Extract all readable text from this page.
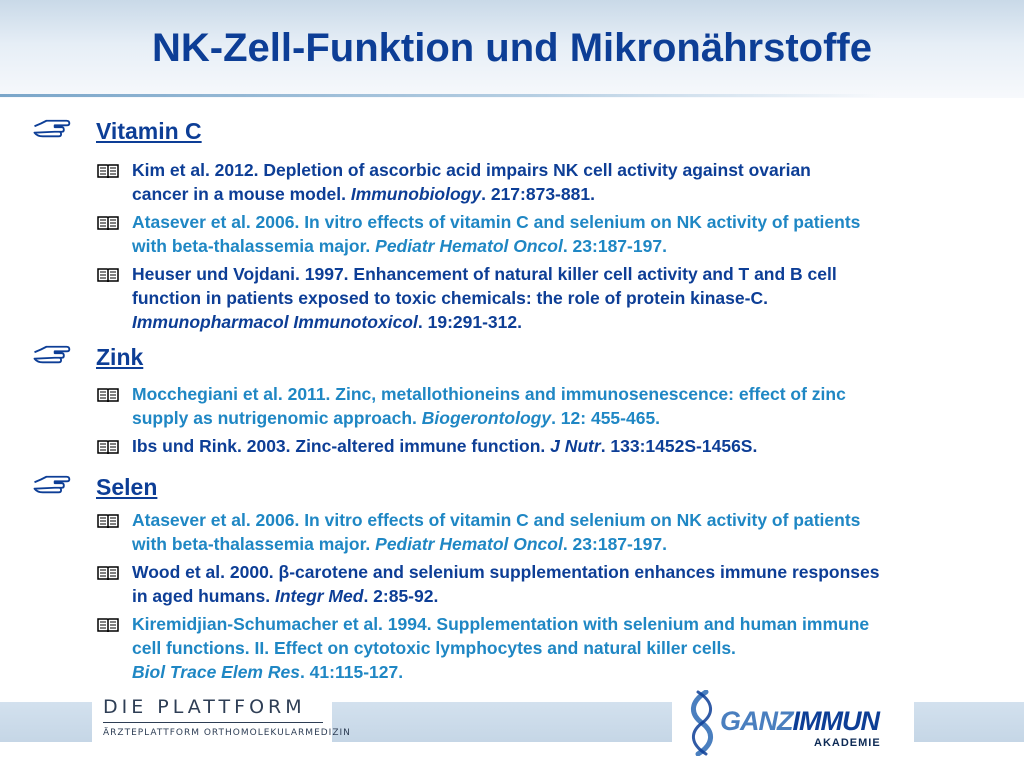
NK-Zell-Funktion und Mikronährstoffe
Vitamin C
Kim et al. 2012. Depletion of ascorbic acid impairs NK cell activity against ovarian
cancer in a mouse model. Immunobiology. 217:873-881.
Atasever et al. 2006. In vitro effects of vitamin C and selenium on NK activity of patients
with beta-thalassemia major. Pediatr Hematol Oncol. 23:187-197.
Heuser und Vojdani. 1997. Enhancement of natural killer cell activity and T and B cell
function in patients exposed to toxic chemicals: the role of protein kinase-C.
Immunopharmacol Immunotoxicol. 19:291-312.
Zink
Mocchegiani et al. 2011. Zinc, metallothioneins and immunosenescence: effect of zinc
supply as nutrigenomic approach. Biogerontology. 12: 455-465.
Ibs und Rink. 2003. Zinc-altered immune function. J Nutr. 133:1452S-1456S.
Selen
Atasever et al. 2006. In vitro effects of vitamin C and selenium on NK activity of patients
with beta-thalassemia major. Pediatr Hematol Oncol. 23:187-197.
Wood et al. 2000. β-carotene and selenium supplementation enhances immune responses
in aged humans. Integr Med. 2:85-92.
Kiremidjian-Schumacher et al. 1994. Supplementation with selenium and human immune
cell functions. II. Effect on cytotoxic lymphocytes and natural killer cells.
Biol Trace Elem Res. 41:115-127.
DIE PLATTFORM
ÄRZTEPLATTFORM ORTHOMOLEKULARMEDIZIN	GANZIMMUN
AKADEMIE
